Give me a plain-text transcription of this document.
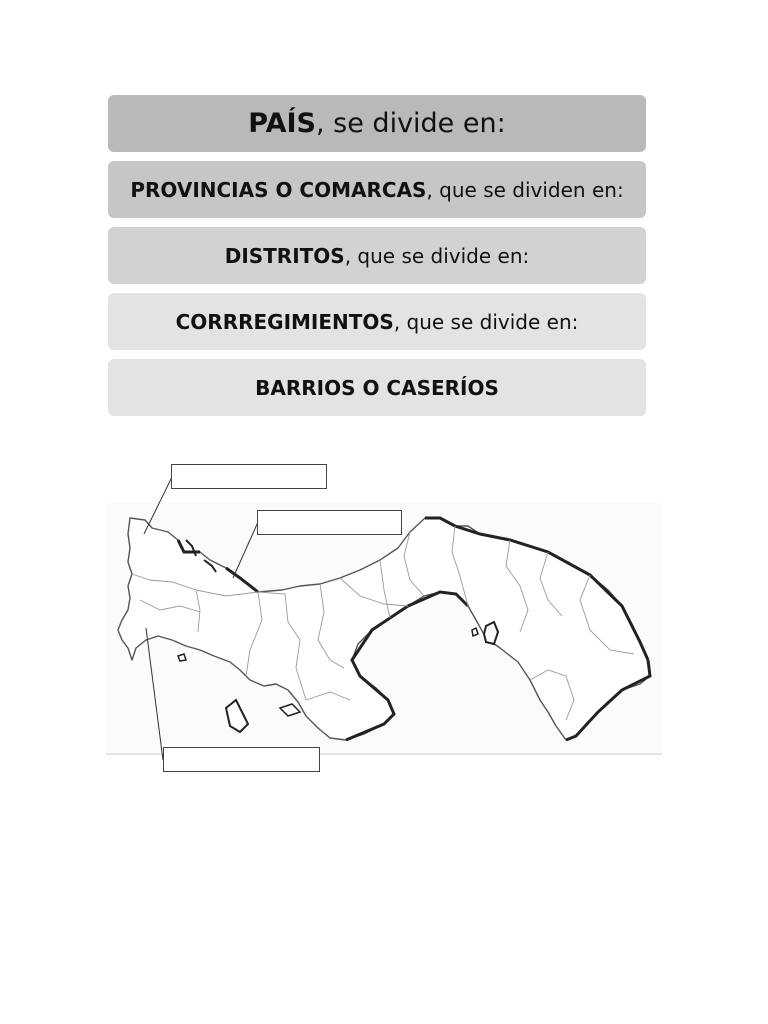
PAÍS, se divide en:
PROVINCIAS O COMARCAS, que se dividen en:
DISTRITOS, que se divide en:
CORRREGIMIENTOS, que se divide en:
BARRIOS O CASERÍOS
